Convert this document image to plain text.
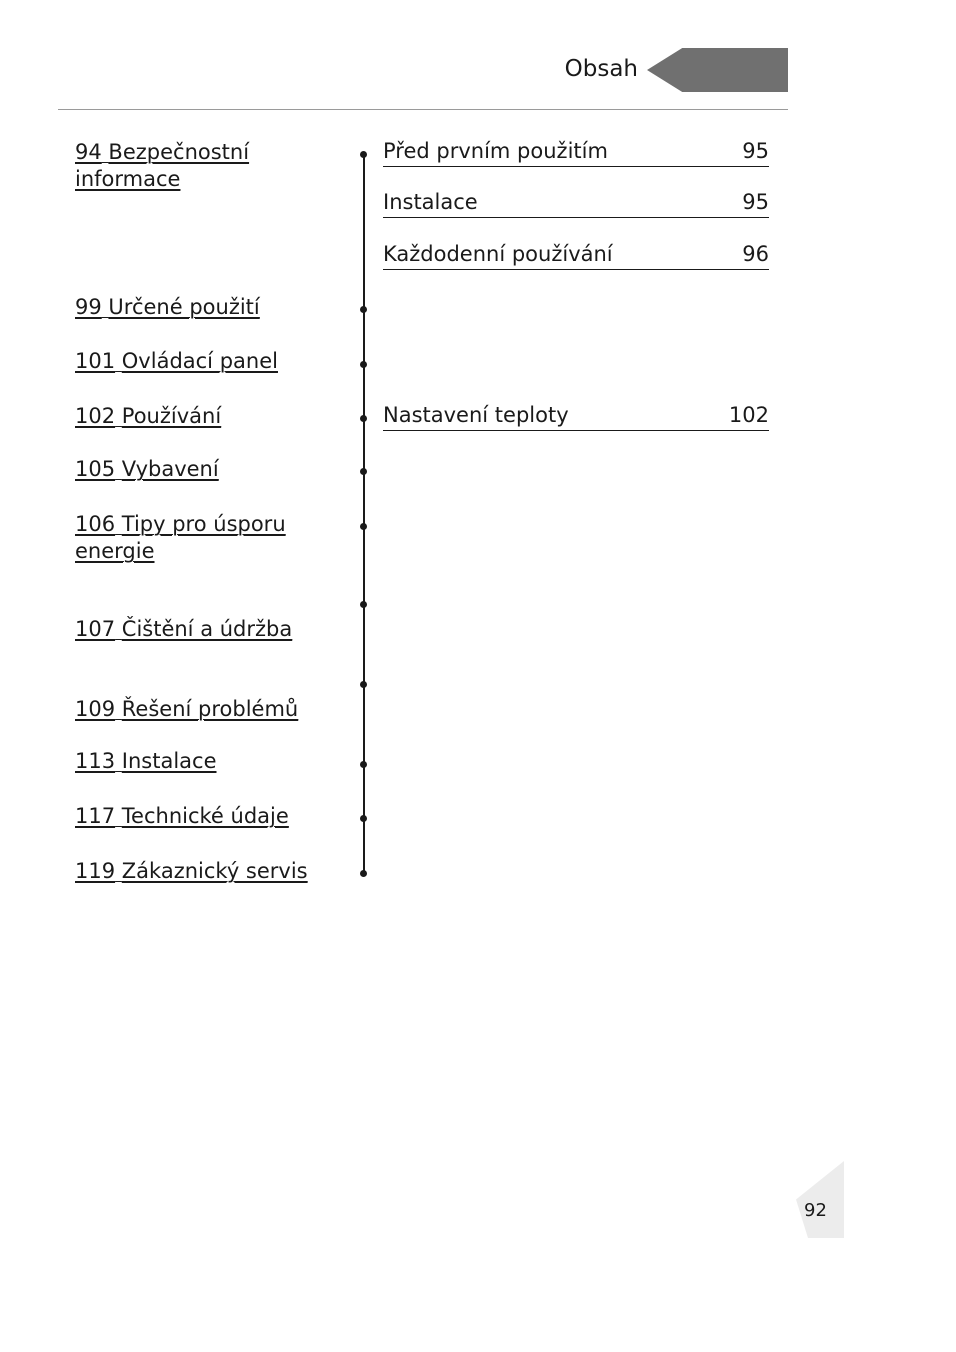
Obsah
94 Bezpečnostní informace
99 Určené použití
101 Ovládací panel
102 Používání
105 Vybavení
106 Tipy pro úsporu energie
107 Čištění a údržba
109 Řešení problémů
113 Instalace
117 Technické údaje
119 Zákaznický servis
Před prvním použitím	95
Instalace	95
Každodenní používání	96
Nastavení teploty	102
92
